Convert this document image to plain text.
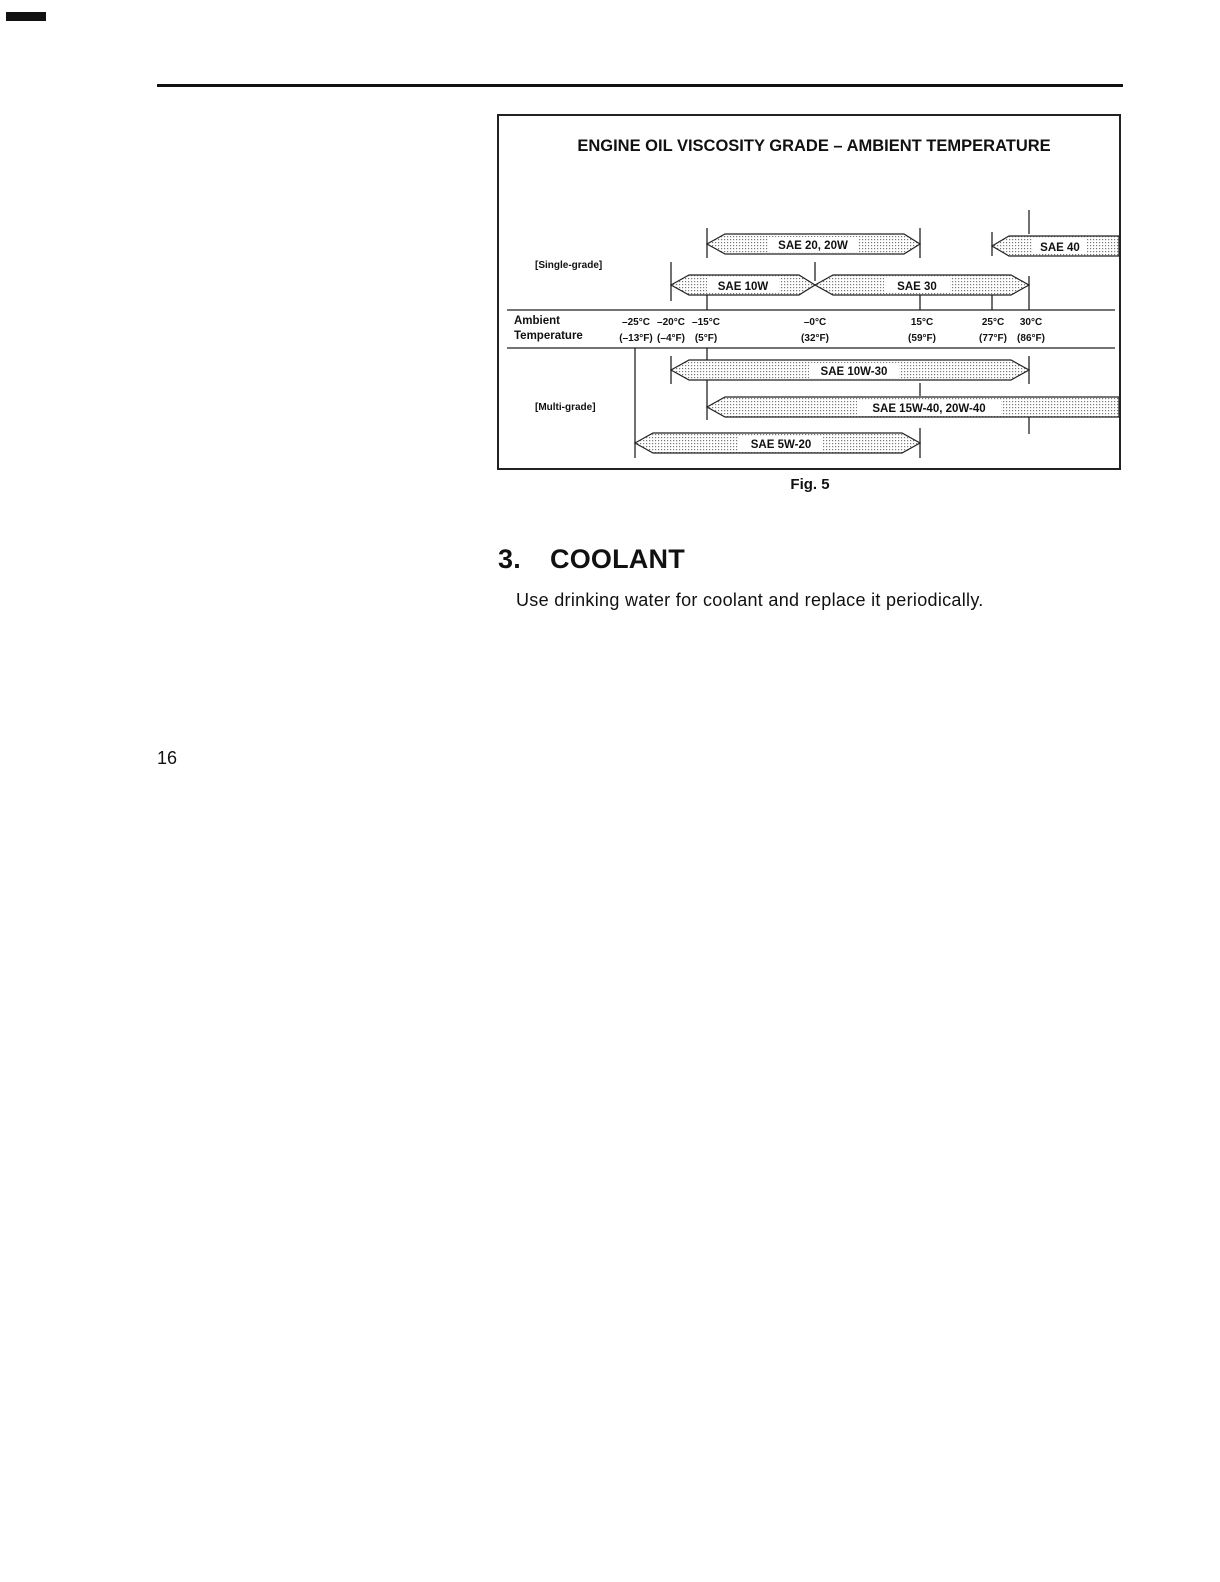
ENGINE OIL VISCOSITY GRADE – AMBIENT TEMPERATURE
[Single-grade]
Ambient
Temperature
[Multi-grade]
–25°C
(–13°F)
–20°C
(–4°F)
–15°C
(5°F)
–0°C
(32°F)
15°C
(59°F)
25°C
(77°F)
30°C
(86°F)
SAE 20, 20W	SAE 40
SAE 10W	SAE 30
SAE 10W-30
SAE 15W-40, 20W-40
SAE 5W-20
Fig. 5
3. COOLANT

Use drinking water for coolant and replace it periodically.

16
